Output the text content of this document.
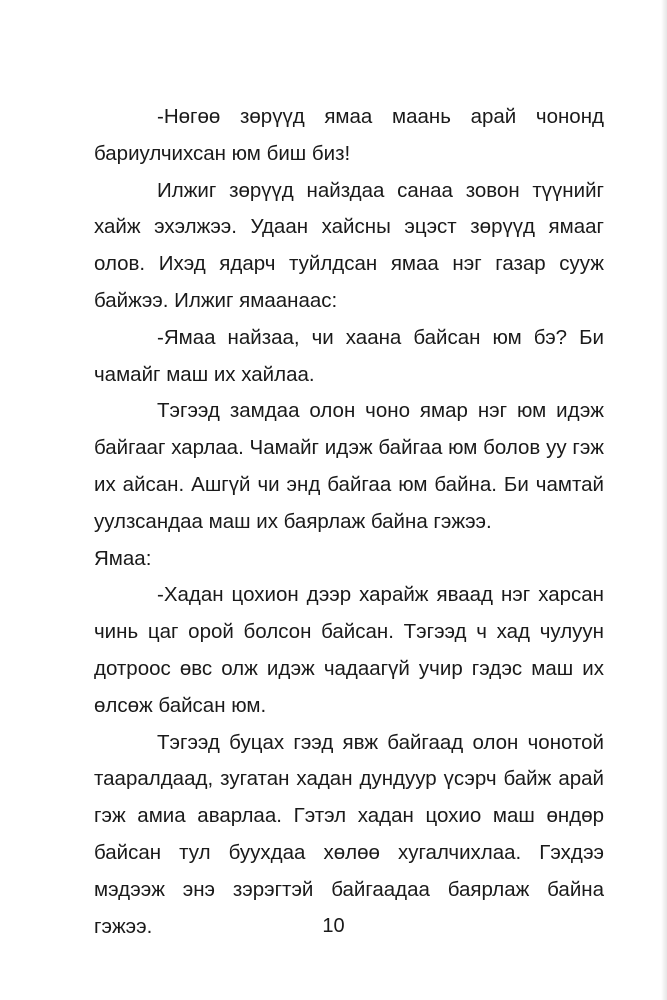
-Нөгөө зөрүүд ямаа маань арай чононд бариулчихсан юм биш биз!

Илжиг зөрүүд найздаа санаа зовон түүнийг хайж эхэлжээ. Удаан хайсны эцэст зөрүүд ямааг олов. Ихэд ядарч туйлдсан ямаа нэг газар сууж байжээ. Илжиг ямаанаас:

-Ямаа найзаа, чи хаана байсан юм бэ? Би чамайг маш их хайлаа.

Тэгээд замдаа олон чоно ямар нэг юм идэж байгааг харлаа. Чамайг идэж байгаа юм болов уу гэж их айсан. Ашгүй чи энд байгаа юм байна. Би чамтай уулзсандаа маш их баярлаж байна гэжээ.

Ямаа:

-Хадан цохион дээр харайж яваад нэг харсан чинь цаг орой болсон байсан. Тэгээд ч хад чулуун дотроос өвс олж идэж чадаагүй учир гэдэс маш их өлсөж байсан юм.

Тэгээд буцах гээд явж байгаад олон чонотой тааралдаад, зугатан хадан дундуур үсэрч байж арай гэж амиа аварлаа. Гэтэл хадан цохио маш өндөр байсан тул буухдаа хөлөө хугалчихлаа. Гэхдээ мэдээж энэ зэрэгтэй байгаадаа баярлаж байна гэжээ.	10
